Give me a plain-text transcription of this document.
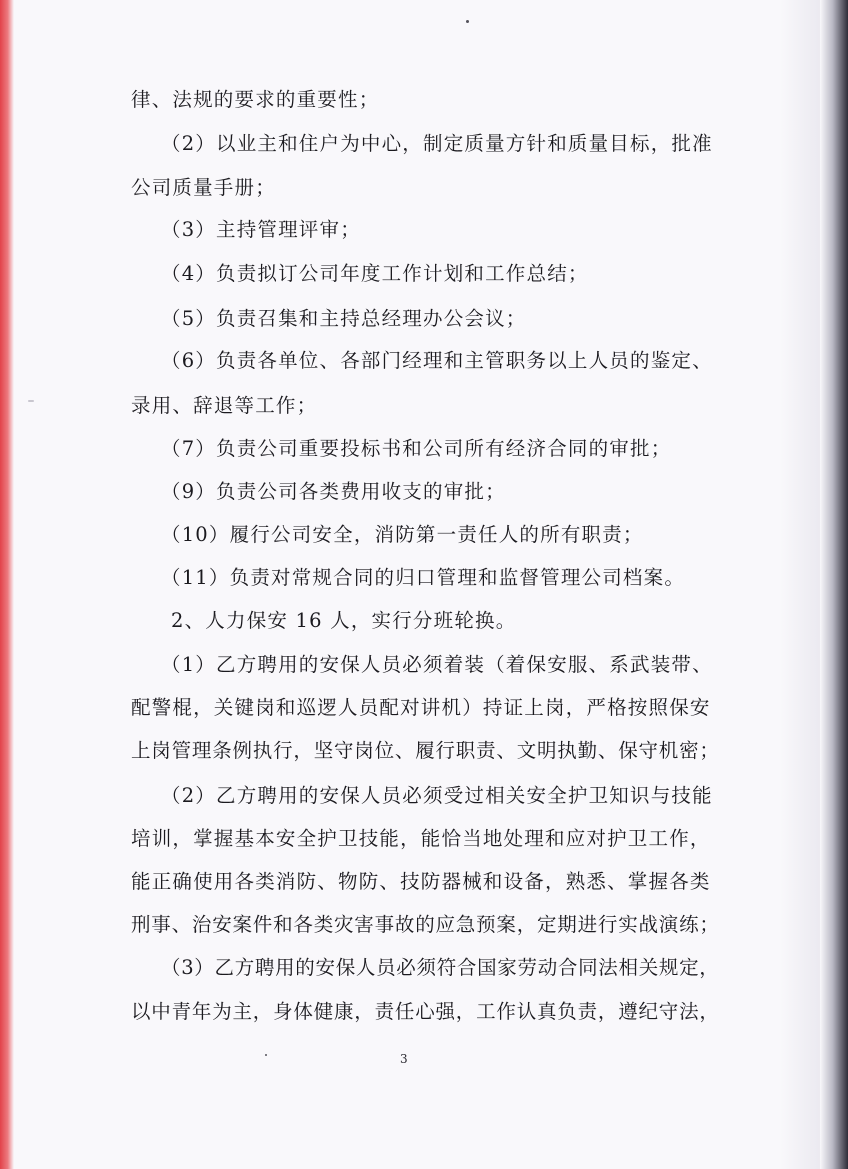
律、法规的要求的重要性；
（2）以业主和住户为中心，制定质量方针和质量目标，批准
公司质量手册；
（3）主持管理评审；
（4）负责拟订公司年度工作计划和工作总结；
（5）负责召集和主持总经理办公会议；
（6）负责各单位、各部门经理和主管职务以上人员的鉴定、
录用、辞退等工作；
（7）负责公司重要投标书和公司所有经济合同的审批；
（9）负责公司各类费用收支的审批；
（10）履行公司安全，消防第一责任人的所有职责；
（11）负责对常规合同的归口管理和监督管理公司档案。
2、人力保安 16 人，实行分班轮换。
（1）乙方聘用的安保人员必须着装（着保安服、系武装带、
配警棍，关键岗和巡逻人员配对讲机）持证上岗，严格按照保安
上岗管理条例执行，坚守岗位、履行职责、文明执勤、保守机密；
（2）乙方聘用的安保人员必须受过相关安全护卫知识与技能
培训，掌握基本安全护卫技能，能恰当地处理和应对护卫工作，
能正确使用各类消防、物防、技防器械和设备，熟悉、掌握各类
刑事、治安案件和各类灾害事故的应急预案，定期进行实战演练；
（3）乙方聘用的安保人员必须符合国家劳动合同法相关规定，
以中青年为主，身体健康，责任心强，工作认真负责，遵纪守法，
3
